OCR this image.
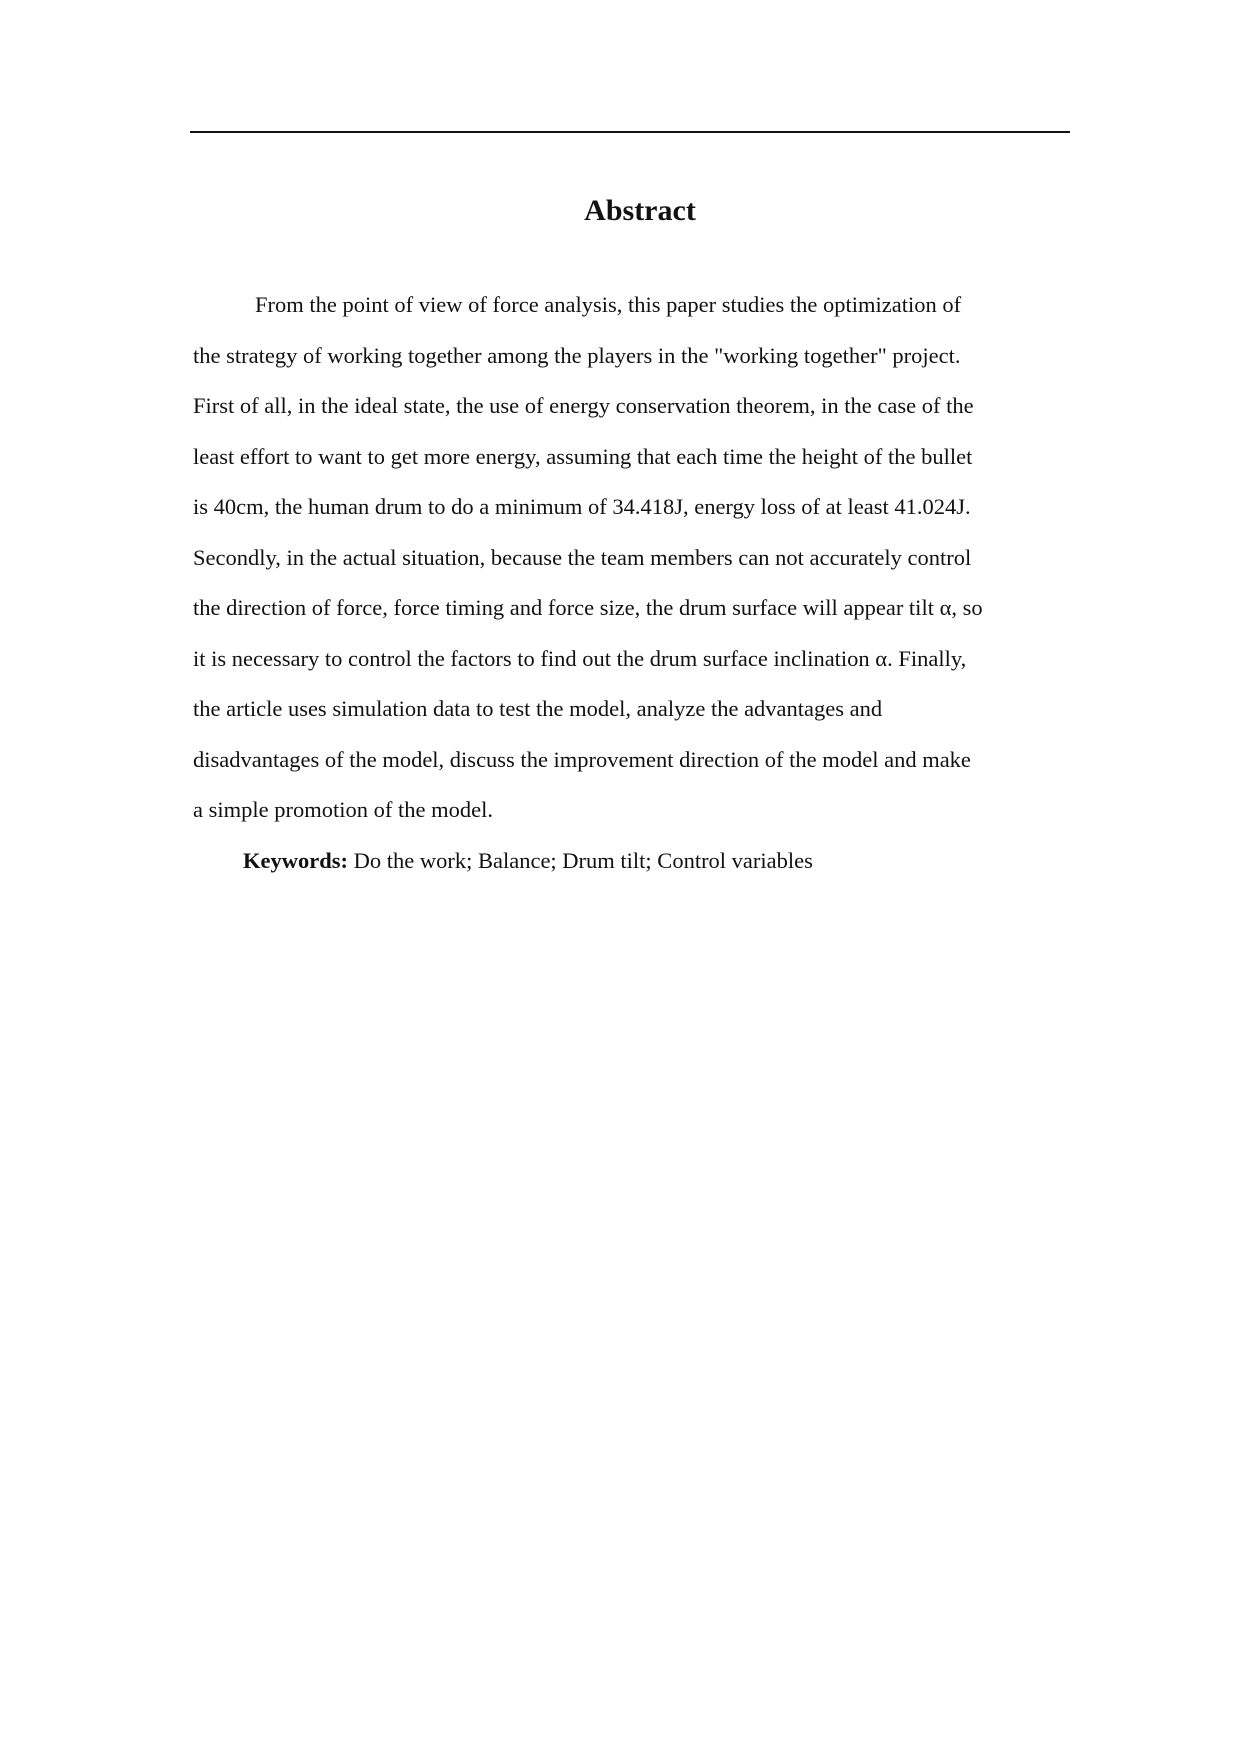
Abstract

From the point of view of force analysis, this paper studies the optimization of
the strategy of working together among the players in the "working together" project.
First of all, in the ideal state, the use of energy conservation theorem, in the case of the
least effort to want to get more energy, assuming that each time the height of the bullet
is 40cm, the human drum to do a minimum of 34.418J, energy loss of at least 41.024J.
Secondly, in the actual situation, because the team members can not accurately control
the direction of force, force timing and force size, the drum surface will appear tilt α, so
it is necessary to control the factors to find out the drum surface inclination α. Finally,
the article uses simulation data to test the model, analyze the advantages and
disadvantages of the model, discuss the improvement direction of the model and make
a simple promotion of the model.

Keywords: Do the work; Balance; Drum tilt; Control variables
